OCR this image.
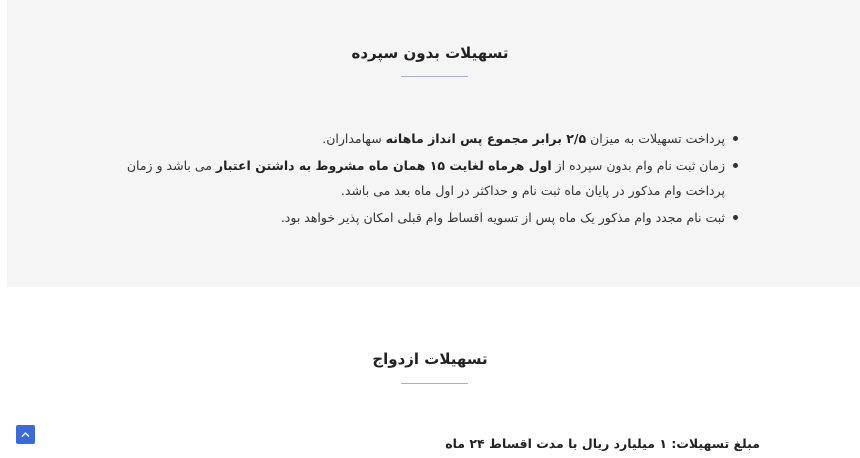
تسهیلات بدون سپرده
پرداخت تسهیلات به میزان ۲/۵ برابر مجموع پس انداز ماهانه سهامداران.
زمان ثبت نام وام بدون سپرده از اول هرماه لغایت ۱۵ همان ماه مشروط به داشتن اعتبار می باشد و زمان پرداخت وام مذکور در پایان ماه ثبت نام و حداکثر در اول ماه بعد می باشد.
ثبت نام مجدد وام مذکور یک ماه پس از تسویه اقساط وام قبلی امکان پذیر خواهد بود.
تسهیلات ازدواج
مبلغ تسهیلات: ۱ میلیارد ریال با مدت اقساط ۲۴ ماه
